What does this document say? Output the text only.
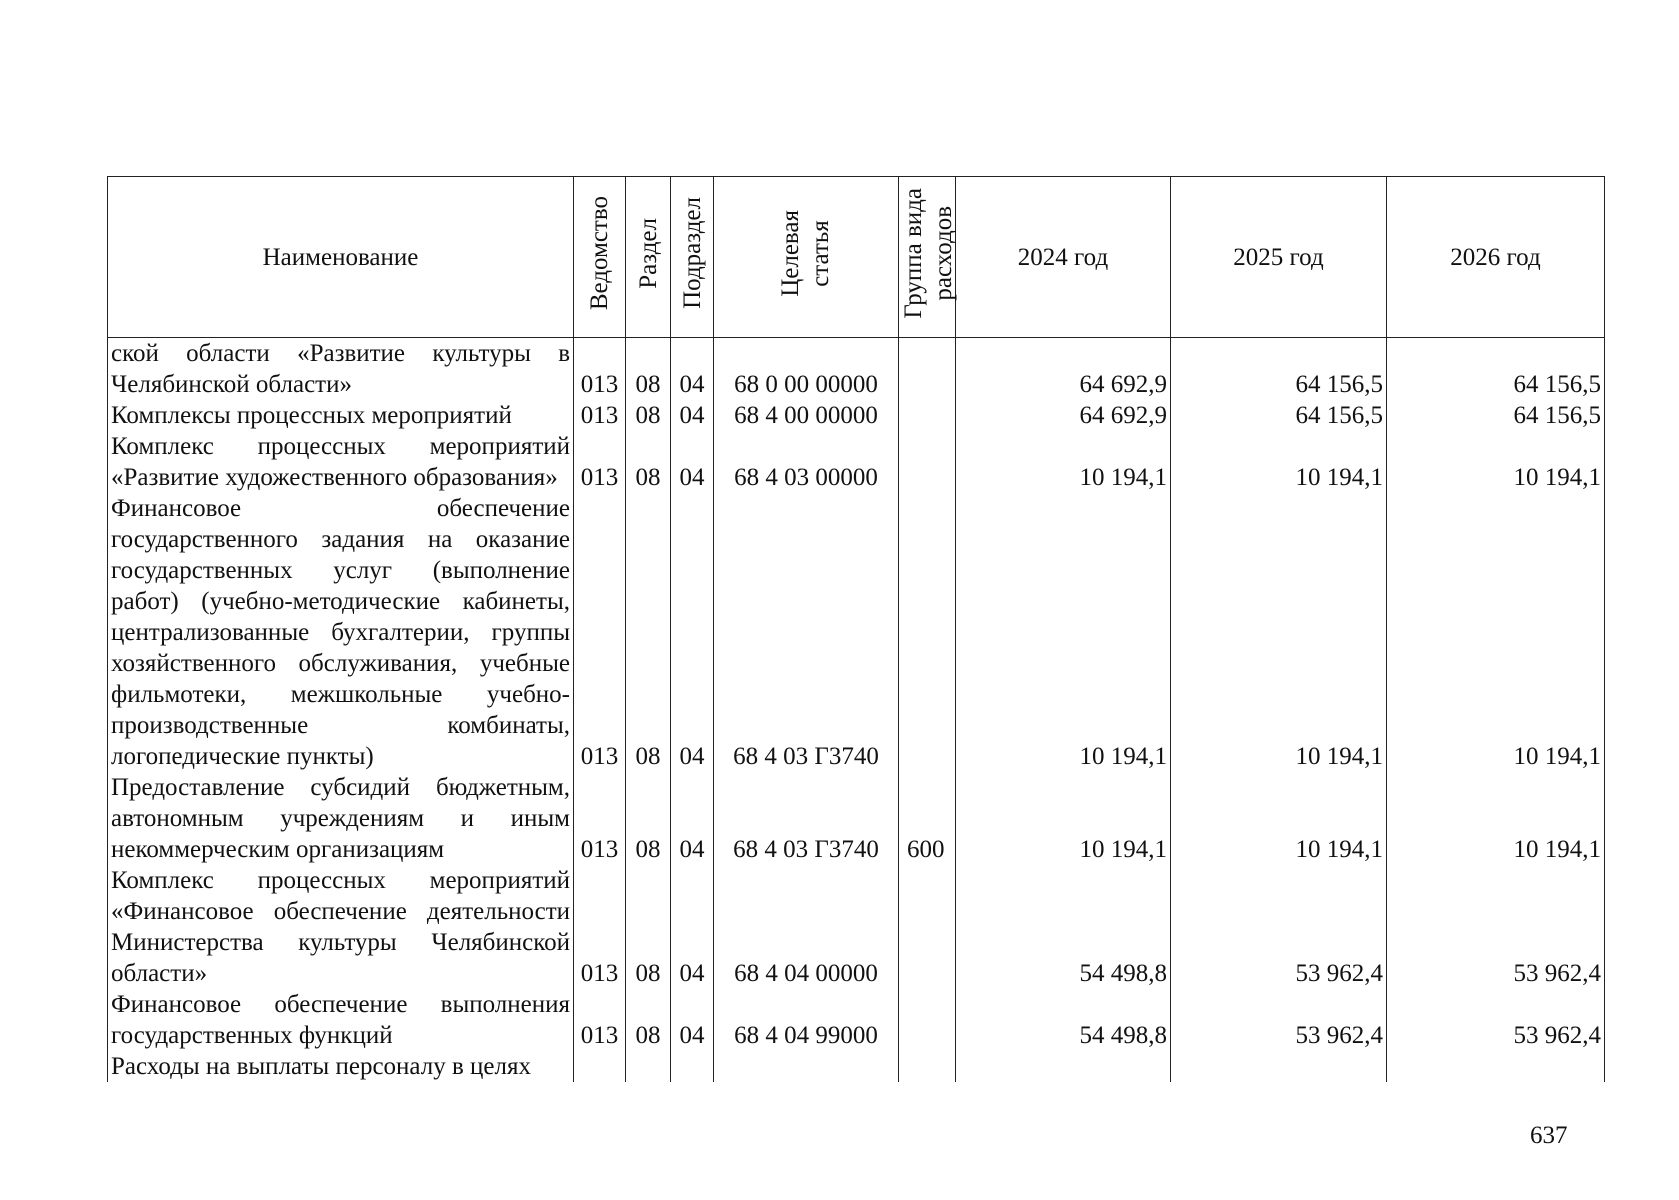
Наименование	Ведомство	Раздел	Подраздел	Целевая статья	Группа вида расходов	2024 год	2025 год	2026 год
ской области «Развитие культуры в Челябинской области»	013	08	04	68 0 00 00000		64 692,9	64 156,5	64 156,5
Комплексы процессных мероприятий	013	08	04	68 4 00 00000		64 692,9	64 156,5	64 156,5
Комплекс процессных мероприятий «Развитие художественного образования»	013	08	04	68 4 03 00000		10 194,1	10 194,1	10 194,1
Финансовое обеспечение государственного задания на оказание государственных услуг (выполнение работ) (учебно-методические кабинеты, централизованные бухгалтерии, группы хозяйственного обслуживания, учебные фильмотеки, межшкольные учебно-производственные комбинаты, логопедические пункты)	013	08	04	68 4 03 Г3740		10 194,1	10 194,1	10 194,1
Предоставление субсидий бюджетным, автономным учреждениям и иным некоммерческим организациям	013	08	04	68 4 03 Г3740	600	10 194,1	10 194,1	10 194,1
Комплекс процессных мероприятий «Финансовое обеспечение деятельности Министерства культуры Челябинской области»	013	08	04	68 4 04 00000		54 498,8	53 962,4	53 962,4
Финансовое обеспечение выполнения государственных функций	013	08	04	68 4 04 99000		54 498,8	53 962,4	53 962,4
Расходы на выплаты персоналу в целях								
637
